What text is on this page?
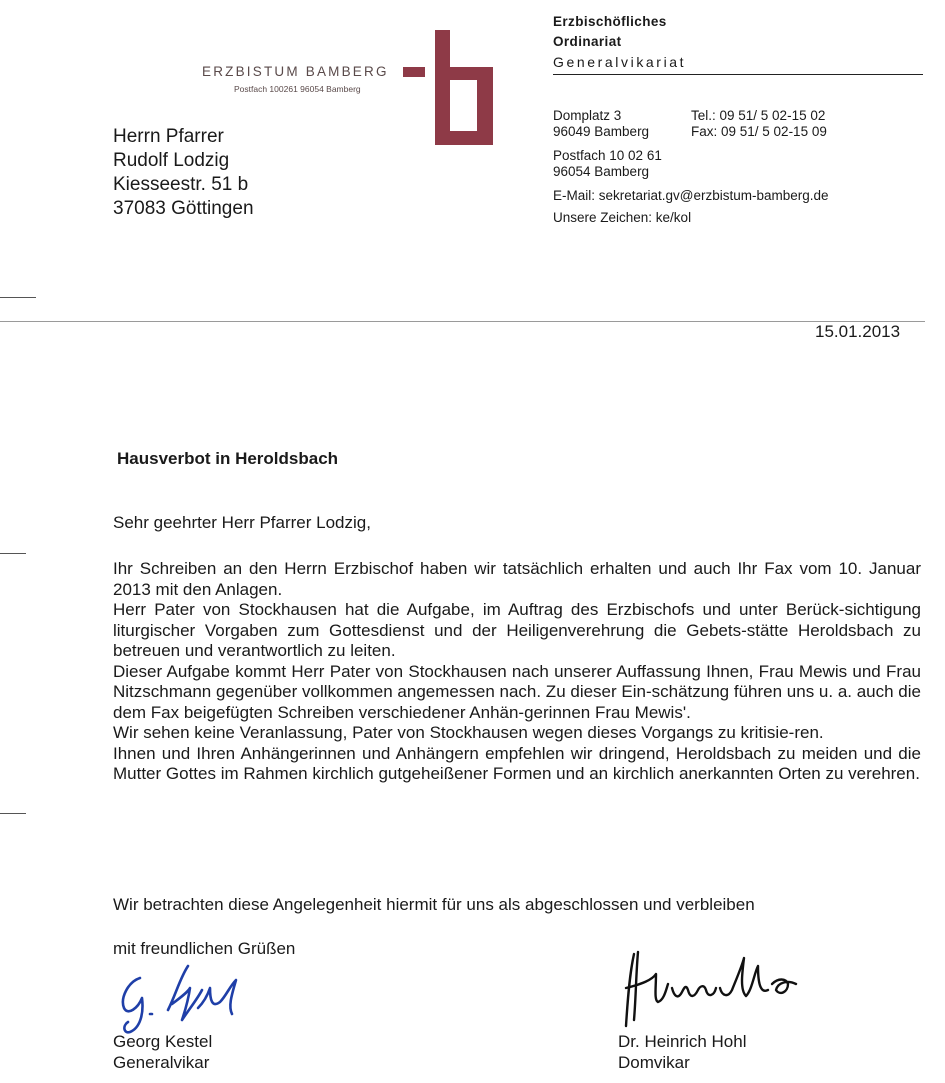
ERZBISTUM BAMBERG
Postfach 100261 96054 Bamberg
Herrn Pfarrer
Rudolf Lodzig
Kiesseestr. 51 b
37083 Göttingen
Erzbischöfliches
Ordinariat
Generalvikariat
Domplatz 3
96049 Bamberg
Tel.: 09 51/ 5 02-15 02
Fax: 09 51/ 5 02-15 09
Postfach 10 02 61
96054 Bamberg
E-Mail: sekretariat.gv@erzbistum-bamberg.de
Unsere Zeichen: ke/kol
15.01.2013
Hausverbot in Heroldsbach
Sehr geehrter Herr Pfarrer Lodzig,

Ihr Schreiben an den Herrn Erzbischof haben wir tatsächlich erhalten und auch Ihr Fax vom 10. Januar 2013 mit den Anlagen.

Herr Pater von Stockhausen hat die Aufgabe, im Auftrag des Erzbischofs und unter Berück-sichtigung liturgischer Vorgaben zum Gottesdienst und der Heiligenverehrung die Gebets-stätte Heroldsbach zu betreuen und verantwortlich zu leiten.

Dieser Aufgabe kommt Herr Pater von Stockhausen nach unserer Auffassung Ihnen, Frau Mewis und Frau Nitzschmann gegenüber vollkommen angemessen nach. Zu dieser Ein-schätzung führen uns u. a. auch die dem Fax beigefügten Schreiben verschiedener Anhän-gerinnen Frau Mewis'.

Wir sehen keine Veranlassung, Pater von Stockhausen wegen dieses Vorgangs zu kritisie-ren.

Ihnen und Ihren Anhängerinnen und Anhängern empfehlen wir dringend, Heroldsbach zu meiden und die Mutter Gottes im Rahmen kirchlich gutgeheißener Formen und an kirchlich anerkannten Orten zu verehren.

Wir betrachten diese Angelegenheit hiermit für uns als abgeschlossen und verbleiben
mit freundlichen Grüßen
Georg Kestel
Generalvikar
Dr. Heinrich Hohl
Domvikar
